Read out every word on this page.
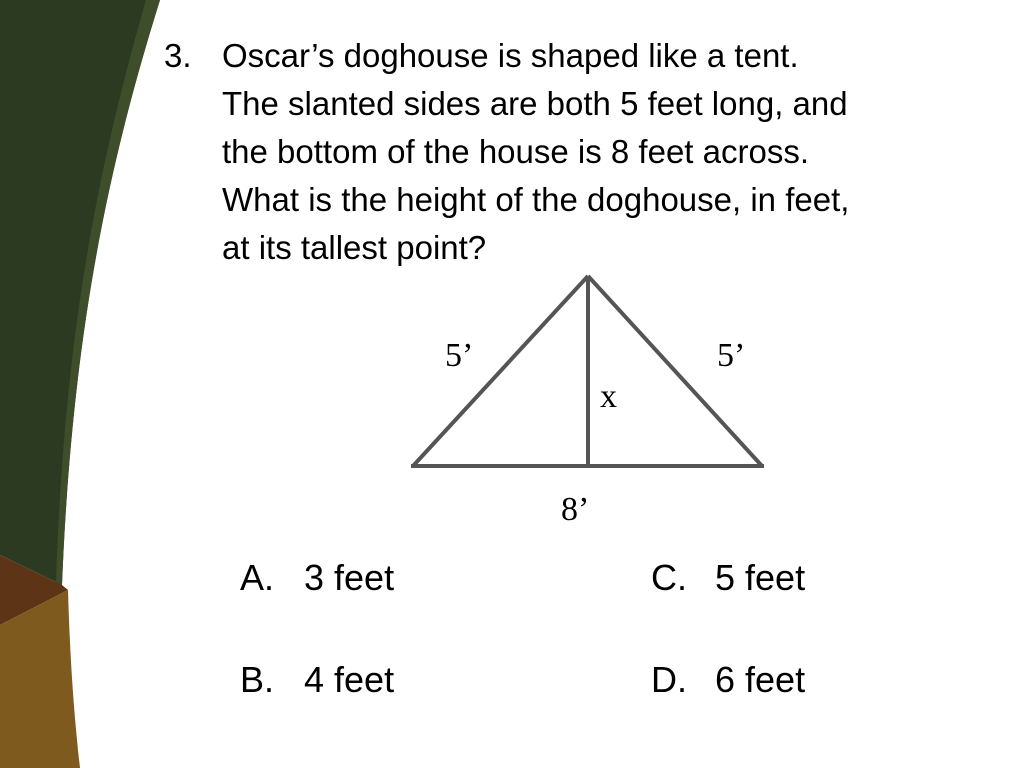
3. Oscar’s doghouse is shaped like a tent.
The slanted sides are both 5 feet long, and
the bottom of the house is 8 feet across.
What is the height of the doghouse, in feet,
at its tallest point?
5’	5’
x
8’
A. 3 feet
B. 4 feet
C. 5 feet
D. 6 feet
